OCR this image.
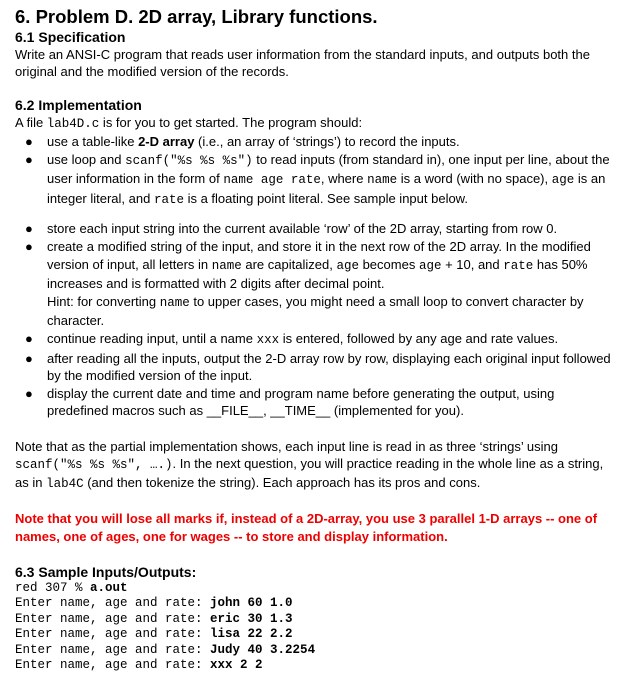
6. Problem D. 2D array, Library functions.
6.1 Specification

Write an ANSI-C program that reads user information from the standard inputs, and outputs both the original and the modified version of the records.

6.2 Implementation

A file lab4D.c is for you to get started. The program should:

● use a table-like 2-D array (i.e., an array of ‘strings’) to record the inputs.
● use loop and scanf("%s %s %s") to read inputs (from standard in), one input per line, about the user information in the form of name age rate, where name is a word (with no space), age is an integer literal, and rate is a floating point literal. See sample input below.
● store each input string into the current available ‘row’ of the 2D array, starting from row 0.
● create a modified string of the input, and store it in the next row of the 2D array. In the modified version of input, all letters in name are capitalized, age becomes age + 10, and rate has 50% increases and is formatted with 2 digits after decimal point.
Hint: for converting name to upper cases, you might need a small loop to convert character by character.
● continue reading input, until a name xxx is entered, followed by any age and rate values.
● after reading all the inputs, output the 2-D array row by row, displaying each original input followed by the modified version of the input.
● display the current date and time and program name before generating the output, using predefined macros such as __FILE__, __TIME__ (implemented for you).

Note that as the partial implementation shows, each input line is read in as three ‘strings’ using scanf("%s %s %s", ….). In the next question, you will practice reading in the whole line as a string, as in lab4C (and then tokenize the string). Each approach has its pros and cons.

Note that you will lose all marks if, instead of a 2D-array, you use 3 parallel 1-D arrays -- one of names, one of ages, one for wages -- to store and display information.

6.3 Sample Inputs/Outputs:
red 307 % a.out
Enter name, age and rate: john 60 1.0
Enter name, age and rate: eric 30 1.3
Enter name, age and rate: lisa 22 2.2
Enter name, age and rate: Judy 40 3.2254
Enter name, age and rate: xxx 2 2
